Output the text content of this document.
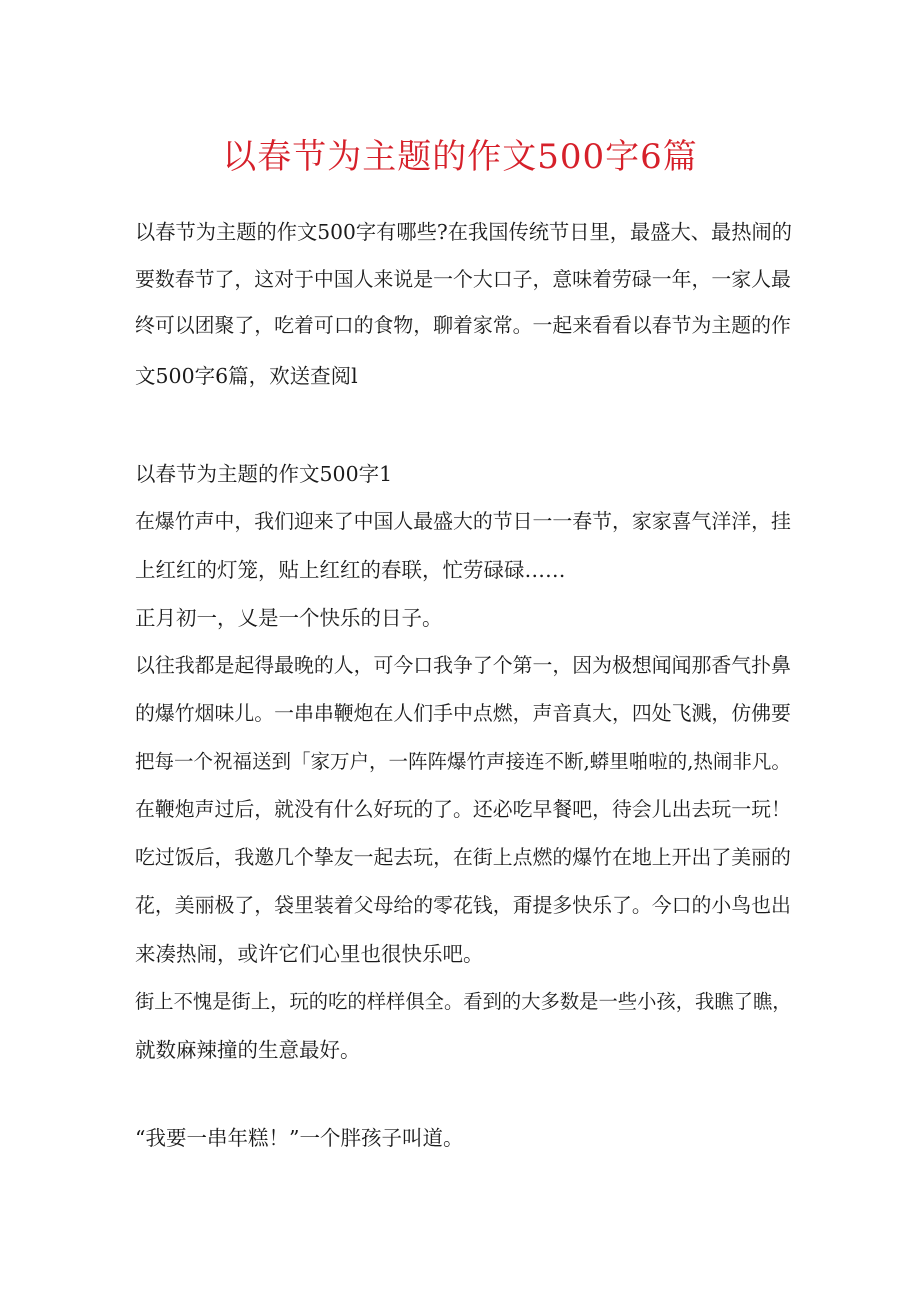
以春节为主题的作文500字6篇
以春节为主题的作文500字有哪些?在我国传统节日里，最盛大、最热闹的
要数春节了，这对于中国人来说是一个大口子，意味着劳碌一年，一家人最
终可以团聚了，吃着可口的食物，聊着家常。一起来看看以春节为主题的作
文500字6篇，欢送查阅l
以春节为主题的作文500字1
在爆竹声中，我们迎来了中国人最盛大的节日一一春节，家家喜气洋洋，挂
上红红的灯笼，贴上红红的春联，忙劳碌碌……
正月初一，乂是一个快乐的日子。
以往我都是起得最晚的人，可今口我争了个第一，因为极想闻闻那香气扑鼻
的爆竹烟味儿。一串串鞭炮在人们手中点燃，声音真大，四处飞溅，仿佛要
把每一个祝福送到「家万户，一阵阵爆竹声接连不断,蟒里啪啦的,热闹非凡。
在鞭炮声过后，就没有什么好玩的了。还必吃早餐吧，待会儿出去玩一玩！
吃过饭后，我邀几个挚友一起去玩，在街上点燃的爆竹在地上开出了美丽的
花，美丽极了，袋里装着父母给的零花钱，甭提多快乐了。今口的小鸟也出
来凑热闹，或许它们心里也很快乐吧。
街上不愧是街上，玩的吃的样样俱全。看到的大多数是一些小孩，我瞧了瞧，
就数麻辣撞的生意最好。
“我要一串年糕！”一个胖孩子叫道。
